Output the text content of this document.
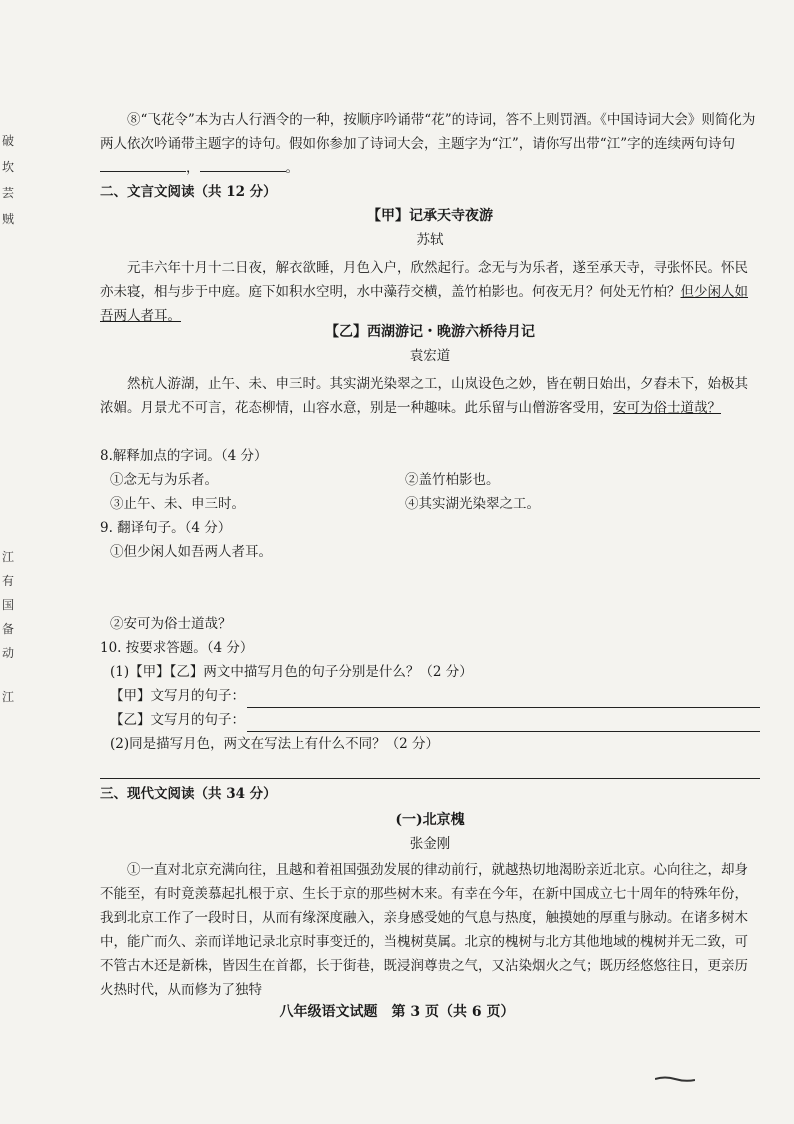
破
坎
芸
贼
江
有
国
备
动
江

⑧“飞花令”本为古人行酒令的一种，按顺序吟诵带“花”的诗词，答不上则罚酒。《中国诗词大会》则简化为两人依次吟诵带主题字的诗句。假如你参加了诗词大会，主题字为“江”，请你写出带“江”字的连续两句诗句，	。

二、文言文阅读（共 12 分）

【甲】记承天寺夜游

苏轼

元丰六年十月十二日夜，解衣欲睡，月色入户，欣然起行。念无与为乐者，遂至承天寺，寻张怀民。怀民亦未寝，相与步于中庭。庭下如积水空明，水中藻荇交横，盖竹柏影也。何夜无月？何处无竹柏？但少闲人如吾两人者耳。

【乙】西湖游记・晚游六桥待月记

袁宏道

然杭人游湖，止午、未、申三时。其实湖光染翠之工，山岚设色之妙，皆在朝日始出，夕舂未下，始极其浓媚。月景尤不可言，花态柳情，山容水意，别是一种趣味。此乐留与山僧游客受用，安可为俗士道哉？

8.解释加点的字词。（4 分）

①念无与为乐者。	②盖竹柏影也。
③止午、未、申三时。	④其实湖光染翠之工。

9. 翻译句子。（4 分）

①但少闲人如吾两人者耳。

②安可为俗士道哉？

10. 按要求答题。（4 分）

(1)【甲】【乙】两文中描写月色的句子分别是什么？（2 分）

【甲】文写月的句子：
【乙】文写月的句子：

(2)同是描写月色，两文在写法上有什么不同？（2 分）

三、现代文阅读（共 34 分）

(一)北京槐

张金刚

①一直对北京充满向往，且越和着祖国强劲发展的律动前行，就越热切地渴盼亲近北京。心向往之，却身不能至，有时竟羡慕起扎根于京、生长于京的那些树木来。有幸在今年，在新中国成立七十周年的特殊年份，我到北京工作了一段时日，从而有缘深度融入，亲身感受她的气息与热度，触摸她的厚重与脉动。在诸多树木中，能广而久、亲而详地记录北京时事变迁的，当槐树莫属。北京的槐树与北方其他地域的槐树并无二致，可不管古木还是新株，皆因生在首都，长于街巷，既浸润尊贵之气，又沾染烟火之气；既历经悠悠往日，更亲历火热时代，从而修为了独特

八年级语文试题　第 3 页（共 6 页）
